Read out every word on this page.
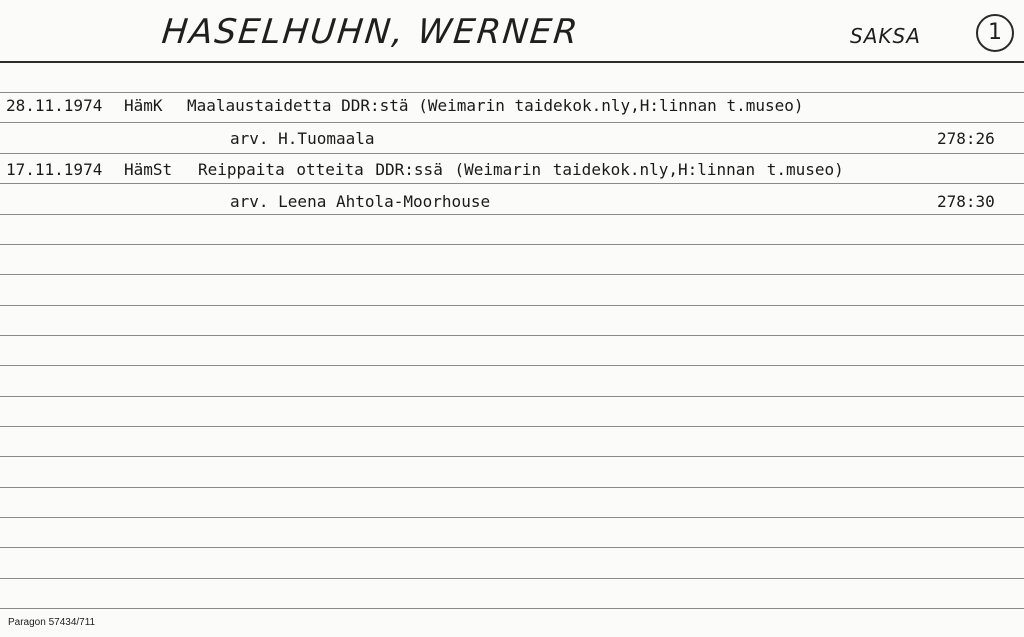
HASELHUHN, WERNER	SAKSA	1
28.11.1974 HämK Maalaustaidetta DDR:stä (Weimarin taidekok.nly,H:linnan t.museo)
arv. H.Tuomaala	278:26
17.11.1974 HämSt Reippaita otteita DDR:ssä (Weimarin taidekok.nly,H:linnan t.museo)
arv. Leena Ahtola-Moorhouse	278:30
Paragon 57434/711
